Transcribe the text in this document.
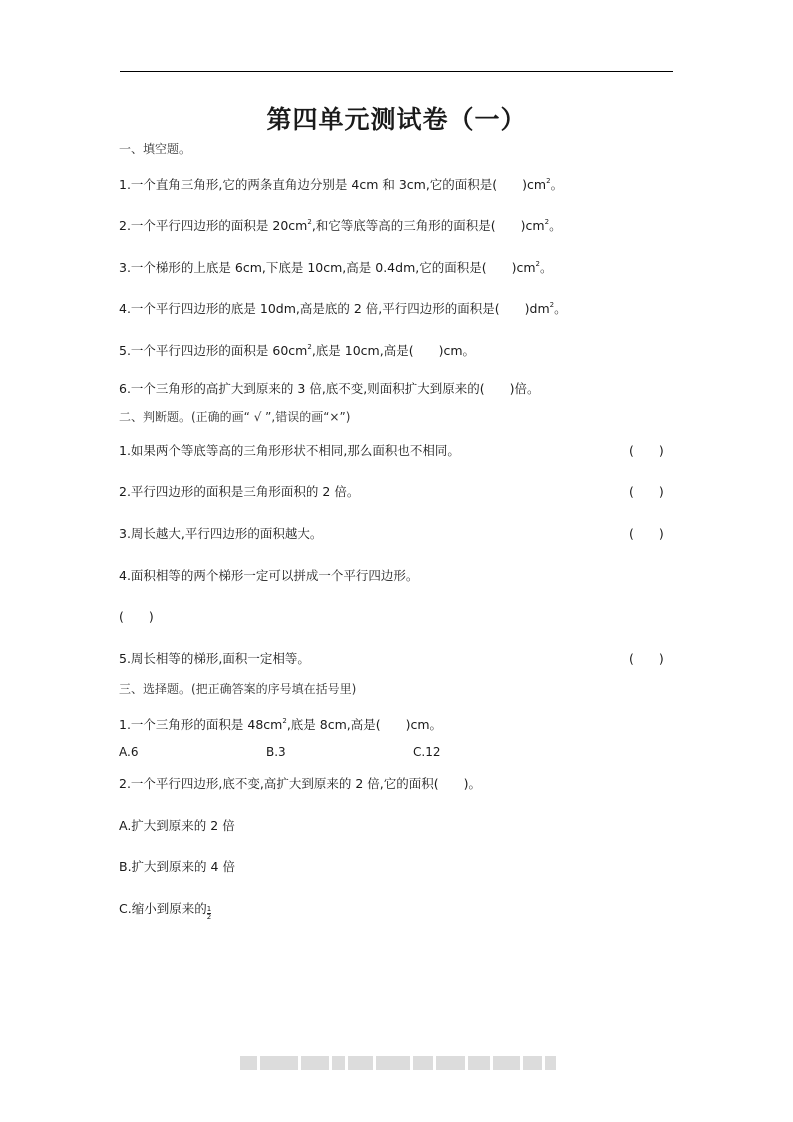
第四单元测试卷（一）
一、填空题。
1.一个直角三角形,它的两条直角边分别是 4cm 和 3cm,它的面积是(　　)$cm^2$。
2.一个平行四边形的面积是 $20cm^2$,和它等底等高的三角形的面积是(　　)$cm^2$。
3.一个梯形的上底是 6cm,下底是 10cm,高是 0.4dm,它的面积是(　　)$cm^2$。
4.一个平行四边形的底是 10dm,高是底的 2 倍,平行四边形的面积是(　　)$dm^2$。
5.一个平行四边形的面积是 $60cm^2$,底是 10cm,高是(　　)cm。
6.一个三角形的高扩大到原来的 3 倍,底不变,则面积扩大到原来的(　　)倍。
二、判断题。(正确的画“ √ ”,错误的画“×”)
1.如果两个等底等高的三角形形状不相同,那么面积也不相同。	(　　)
2.平行四边形的面积是三角形面积的 2 倍。	(　　)
3.周长越大,平行四边形的面积越大。	(　　)
4.面积相等的两个梯形一定可以拼成一个平行四边形。
(　　)
5.周长相等的梯形,面积一定相等。	(　　)
三、选择题。(把正确答案的序号填在括号里)
1.一个三角形的面积是 $48cm^2$,底是 8cm,高是(　　)cm。
A.6	B.3	C.12
2.一个平行四边形,底不变,高扩大到原来的 2 倍,它的面积(　　)。
A.扩大到原来的 2 倍
B.扩大到原来的 4 倍
C.缩小到原来的 $\frac{1}{2}$
